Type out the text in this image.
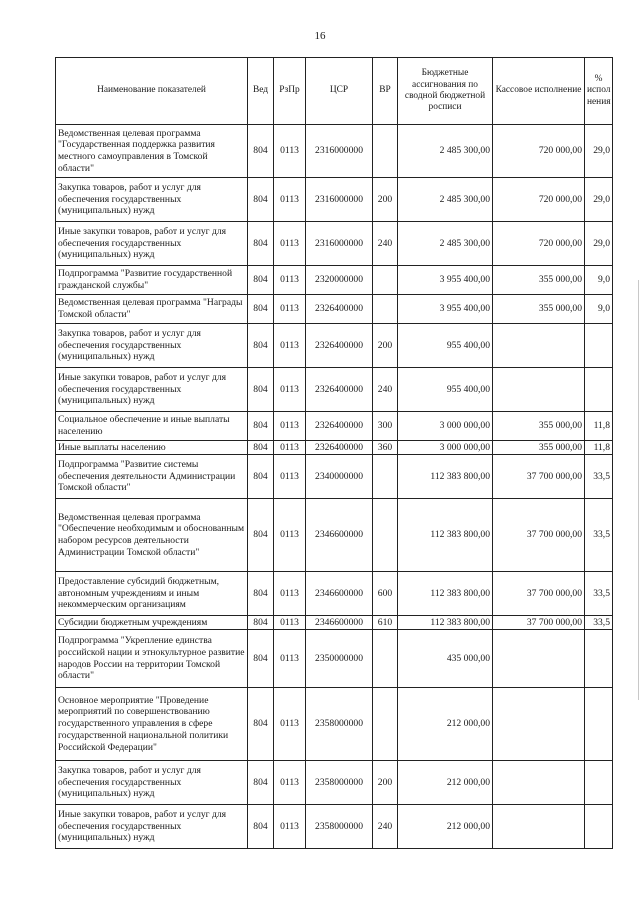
16
Наименование показателей	Вед	РзПр	ЦСР	ВР	Бюджетные ассигнования по сводной бюджетной росписи	Кассовое исполнение	% испол нения
Ведомственная целевая программа "Государственная поддержка развития местного самоуправления в Томской области"	804	0113	2316000000		2 485 300,00	720 000,00	29,0
Закупка товаров, работ и услуг для обеспечения государственных (муниципальных) нужд	804	0113	2316000000	200	2 485 300,00	720 000,00	29,0
Иные закупки товаров, работ и услуг для обеспечения государственных (муниципальных) нужд	804	0113	2316000000	240	2 485 300,00	720 000,00	29,0
Подпрограмма "Развитие государственной гражданской службы"	804	0113	2320000000		3 955 400,00	355 000,00	9,0
Ведомственная целевая программа "Награды Томской области"	804	0113	2326400000		3 955 400,00	355 000,00	9,0
Закупка товаров, работ и услуг для обеспечения государственных (муниципальных) нужд	804	0113	2326400000	200	955 400,00		
Иные закупки товаров, работ и услуг для обеспечения государственных (муниципальных) нужд	804	0113	2326400000	240	955 400,00		
Социальное обеспечение и иные выплаты населению	804	0113	2326400000	300	3 000 000,00	355 000,00	11,8
Иные выплаты населению	804	0113	2326400000	360	3 000 000,00	355 000,00	11,8
Подпрограмма "Развитие системы обеспечения деятельности Администрации Томской области"	804	0113	2340000000		112 383 800,00	37 700 000,00	33,5
Ведомственная целевая программа "Обеспечение необходимым и обоснованным набором ресурсов деятельности Администрации Томской области"	804	0113	2346600000		112 383 800,00	37 700 000,00	33,5
Предоставление субсидий бюджетным, автономным учреждениям и иным некоммерческим организациям	804	0113	2346600000	600	112 383 800,00	37 700 000,00	33,5
Субсидии бюджетным учреждениям	804	0113	2346600000	610	112 383 800,00	37 700 000,00	33,5
Подпрограмма "Укрепление единства российской нации и этнокультурное развитие народов России на территории Томской области"	804	0113	2350000000		435 000,00		
Основное мероприятие "Проведение мероприятий по совершенствованию государственного управления в сфере государственной национальной политики Российской Федерации"	804	0113	2358000000		212 000,00		
Закупка товаров, работ и услуг для обеспечения государственных (муниципальных) нужд	804	0113	2358000000	200	212 000,00		
Иные закупки товаров, работ и услуг для обеспечения государственных (муниципальных) нужд	804	0113	2358000000	240	212 000,00		
